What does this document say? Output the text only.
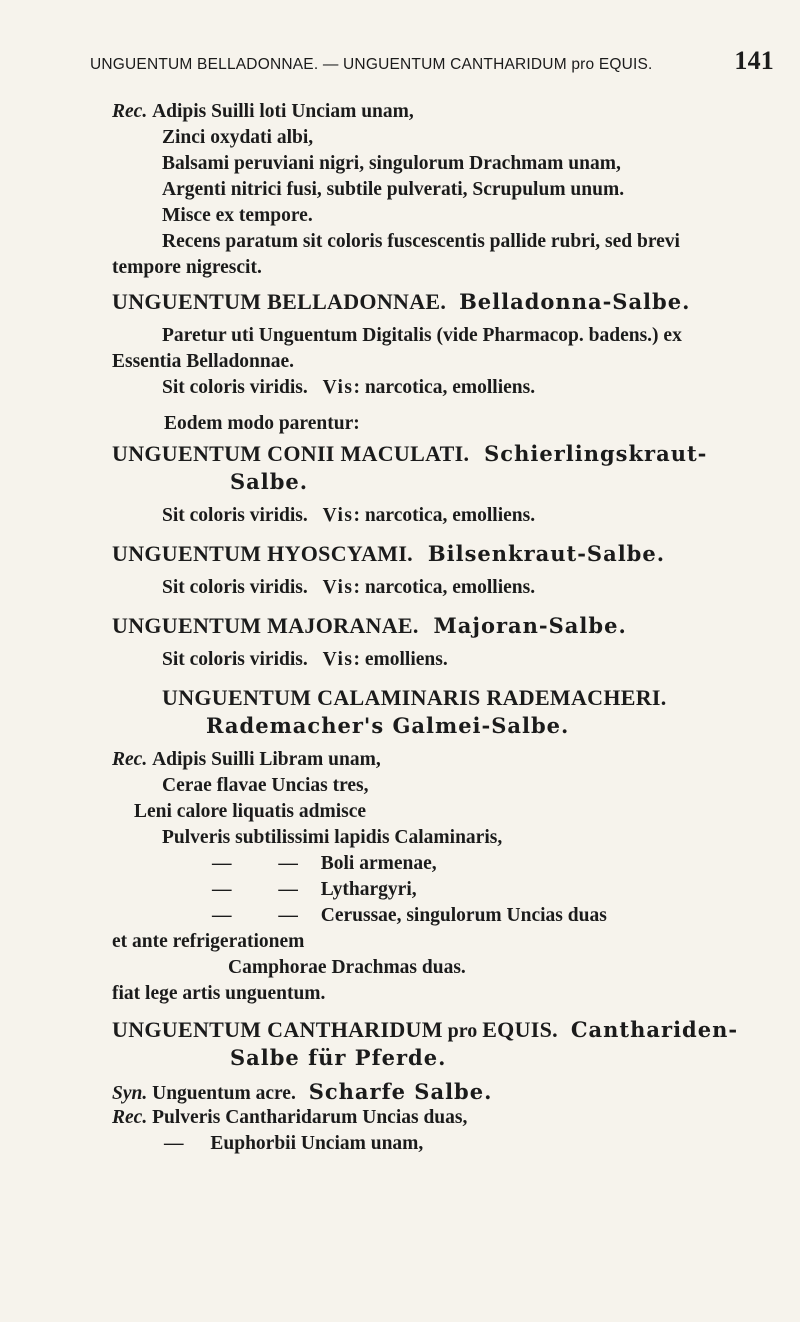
UNGUENTUM BELLADONNAE. — UNGUENTUM CANTHARIDUM pro EQUIS.	141
Rec. Adipis Suilli loti Unciam unam,
Zinci oxydati albi,
Balsami peruviani nigri, singulorum Drachmam unam,
Argenti nitrici fusi, subtile pulverati, Scrupulum unum.
Misce ex tempore.
Recens paratum sit coloris fuscescentis pallide rubri, sed brevi
tempore nigrescit.
UNGUENTUM BELLADONNAE. Belladonna-Salbe.
Paretur uti Unguentum Digitalis (vide Pharmacop. badens.) ex
Essentia Belladonnae.
Sit coloris viridis. Vis: narcotica, emolliens.
Eodem modo parentur:
UNGUENTUM CONII MACULATI. Schierlingskraut-
Salbe.
Sit coloris viridis. Vis: narcotica, emolliens.
UNGUENTUM HYOSCYAMI. Bilsenkraut-Salbe.
Sit coloris viridis. Vis: narcotica, emolliens.
UNGUENTUM MAJORANAE. Majoran-Salbe.
Sit coloris viridis. Vis: emolliens.
UNGUENTUM CALAMINARIS RADEMACHERI.
Rademacher's Galmei-Salbe.
Rec. Adipis Suilli Libram unam,
Cerae flavae Uncias tres,
Leni calore liquatis admisce
Pulveris subtilissimi lapidis Calaminaris,
— — Boli armenae,
— — Lythargyri,
— — Cerussae, singulorum Uncias duas
et ante refrigerationem
Camphorae Drachmas duas.
fiat lege artis unguentum.
UNGUENTUM CANTHARIDUM pro EQUIS. Cantharіden-
Salbe für Pferde.
Syn. Unguentum acre. Scharfe Salbe.
Rec. Pulveris Cantharidarum Uncias duas,
— Euphorbii Unciam unam,
